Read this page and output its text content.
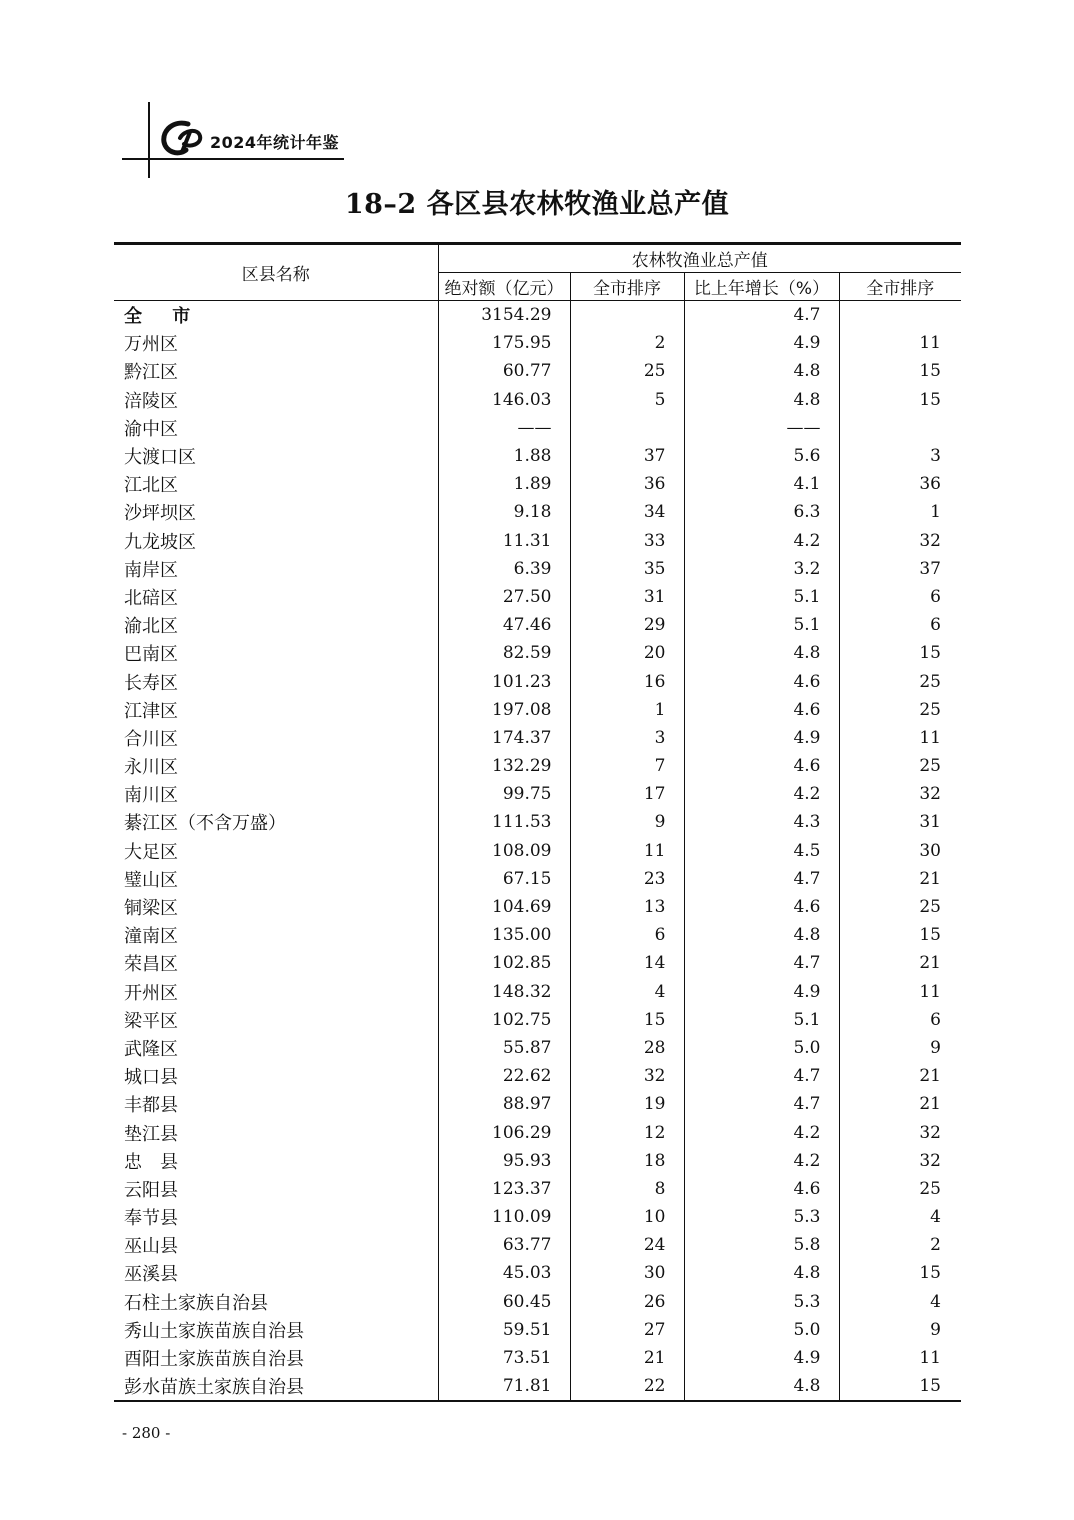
2024年统计年鉴
18–2 各区县农林牧渔业总产值
区县名称	农林牧渔业总产值			
	绝对额（亿元）	全市排序	比上年增长（%）	全市排序
全 市	3154.29		4.7	
万州区	175.95	2	4.9	11
黔江区	60.77	25	4.8	15
涪陵区	146.03	5	4.8	15
渝中区	——		——	
大渡口区	1.88	37	5.6	3
江北区	1.89	36	4.1	36
沙坪坝区	9.18	34	6.3	1
九龙坡区	11.31	33	4.2	32
南岸区	6.39	35	3.2	37
北碚区	27.50	31	5.1	6
渝北区	47.46	29	5.1	6
巴南区	82.59	20	4.8	15
长寿区	101.23	16	4.6	25
江津区	197.08	1	4.6	25
合川区	174.37	3	4.9	11
永川区	132.29	7	4.6	25
南川区	99.75	17	4.2	32
綦江区（不含万盛）	111.53	9	4.3	31
大足区	108.09	11	4.5	30
璧山区	67.15	23	4.7	21
铜梁区	104.69	13	4.6	25
潼南区	135.00	6	4.8	15
荣昌区	102.85	14	4.7	21
开州区	148.32	4	4.9	11
梁平区	102.75	15	5.1	6
武隆区	55.87	28	5.0	9
城口县	22.62	32	4.7	21
丰都县	88.97	19	4.7	21
垫江县	106.29	12	4.2	32
忠　县	95.93	18	4.2	32
云阳县	123.37	8	4.6	25
奉节县	110.09	10	5.3	4
巫山县	63.77	24	5.8	2
巫溪县	45.03	30	4.8	15
石柱土家族自治县	60.45	26	5.3	4
秀山土家族苗族自治县	59.51	27	5.0	9
酉阳土家族苗族自治县	73.51	21	4.9	11
彭水苗族土家族自治县	71.81	22	4.8	15
- 280 -
